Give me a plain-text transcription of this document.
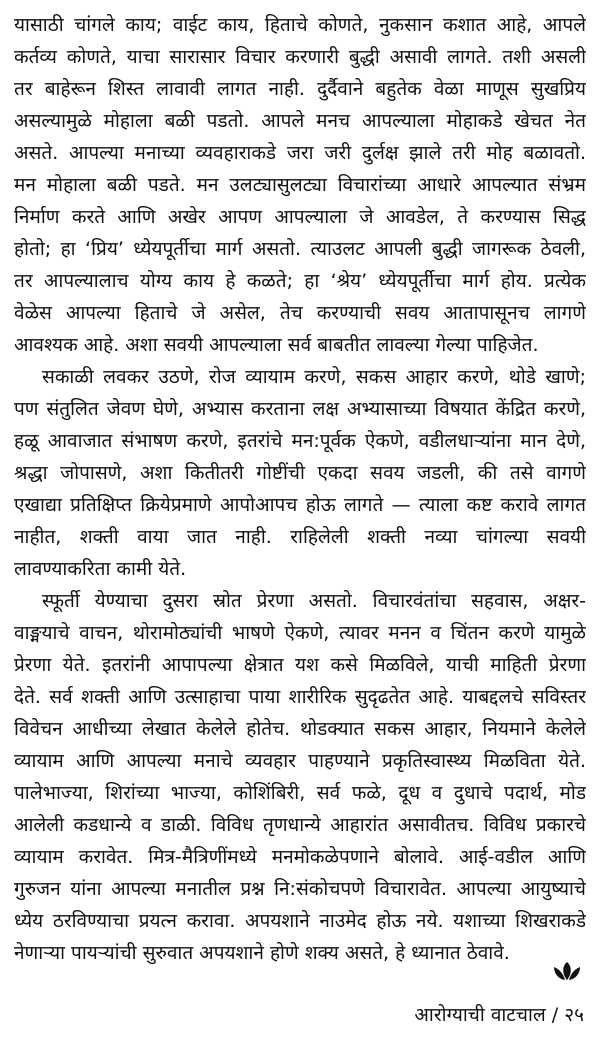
यासाठी चांगले काय; वाईट काय, हिताचे कोणते, नुकसान कशात आहे, आपले
कर्तव्य कोणते, याचा सारासार विचार करणारी बुद्धी असावी लागते. तशी असली
तर बाहेरून शिस्त लावावी लागत नाही. दुर्दैवाने बहुतेक वेळा माणूस सुखप्रिय
असल्यामुळे मोहाला बळी पडतो. आपले मनच आपल्याला मोहाकडे खेचत नेत
असते. आपल्या मनाच्या व्यवहाराकडे जरा जरी दुर्लक्ष झाले तरी मोह बळावतो.
मन मोहाला बळी पडते. मन उलट्यासुलट्या विचारांच्या आधारे आपल्यात संभ्रम
निर्माण करते आणि अखेर आपण आपल्याला जे आवडेल, ते करण्यास सिद्ध
होतो; हा ‘प्रिय’ ध्येयपूर्तीचा मार्ग असतो. त्याउलट आपली बुद्धी जागरूक ठेवली,
तर आपल्यालाच योग्य काय हे कळते; हा ‘श्रेय’ ध्येयपूर्तीचा मार्ग होय. प्रत्येक
वेळेस आपल्या हिताचे जे असेल, तेच करण्याची सवय आतापासूनच लागणे
आवश्यक आहे. अशा सवयी आपल्याला सर्व बाबतीत लावल्या गेल्या पाहिजेत.
सकाळी लवकर उठणे, रोज व्यायाम करणे, सकस आहार करणे, थोडे खाणे;
पण संतुलित जेवण घेणे, अभ्यास करताना लक्ष अभ्यासाच्या विषयात केंद्रित करणे,
हळू आवाजात संभाषण करणे, इतरांचे मन:पूर्वक ऐकणे, वडीलधाऱ्यांना मान देणे,
श्रद्धा जोपासणे, अशा कितीतरी गोष्टींची एकदा सवय जडली, की तसे वागणे
एखाद्या प्रतिक्षिप्त क्रियेप्रमाणे आपोआपच होऊ लागते — त्याला कष्ट करावे लागत
नाहीत, शक्ती वाया जात नाही. राहिलेली शक्ती नव्या चांगल्या सवयी
लावण्याकरिता कामी येते.
स्फूर्ती येण्याचा दुसरा स्रोत प्रेरणा असतो. विचारवंतांचा सहवास, अक्षर-
वाङ्मयाचे वाचन, थोरामोठ्यांची भाषणे ऐकणे, त्यावर मनन व चिंतन करणे यामुळे
प्रेरणा येते. इतरांनी आपापल्या क्षेत्रात यश कसे मिळविले, याची माहिती प्रेरणा
देते. सर्व शक्ती आणि उत्साहाचा पाया शारीरिक सुदृढतेत आहे. याबद्दलचे सविस्तर
विवेचन आधीच्या लेखात केलेले होतेच. थोडक्यात सकस आहार, नियमाने केलेले
व्यायाम आणि आपल्या मनाचे व्यवहार पाहण्याने प्रकृतिस्वास्थ्य मिळविता येते.
पालेभाज्या, शिरांच्या भाज्या, कोशिंबिरी, सर्व फळे, दूध व दुधाचे पदार्थ, मोड
आलेली कडधान्ये व डाळी. विविध तृणधान्ये आहारांत असावीतच. विविध प्रकारचे
व्यायाम करावेत. मित्र-मैत्रिणींमध्ये मनमोकळेपणाने बोलावे. आई-वडील आणि
गुरुजन यांना आपल्या मनातील प्रश्न नि:संकोचपणे विचारावेत. आपल्या आयुष्याचे
ध्येय ठरविण्याचा प्रयत्न करावा. अपयशाने नाउमेद होऊ नये. यशाच्या शिखराकडे
नेणाऱ्या पायऱ्यांची सुरुवात अपयशाने होणे शक्य असते, हे ध्यानात ठेवावे.
आरोग्याची वाटचाल / २५
